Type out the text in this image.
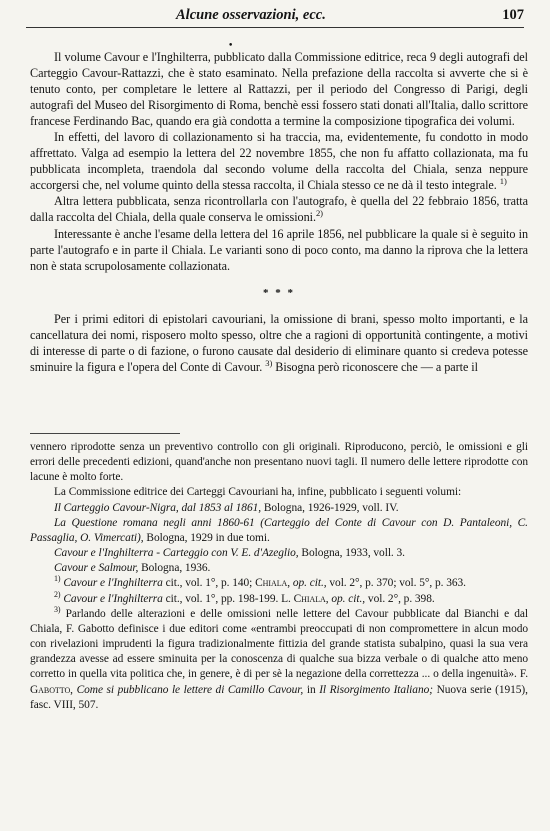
Alcune osservazioni, ecc.	107
•

Il volume Cavour e l'Inghilterra, pubblicato dalla Commissione editrice, reca 9 degli autografi del Carteggio Cavour-Rattazzi, che è stato esaminato. Nella prefazione della raccolta si avverte che si è tenuto conto, per completare le lettere al Rattazzi, per il periodo del Congresso di Parigi, degli autografi del Museo del Risorgimento di Roma, benchè essi fossero stati donati all'Italia, dallo scrittore francese Ferdinando Bac, quando era già condotta a termine la composizione tipografica dei volumi.

In effetti, del lavoro di collazionamento si ha traccia, ma, evidentemente, fu condotto in modo affrettato. Valga ad esempio la lettera del 22 novembre 1855, che non fu affatto collazionata, ma fu pubblicata incompleta, traendola dal secondo volume della raccolta del Chiala, senza neppure accorgersi che, nel volume quinto della stessa raccolta, il Chiala stesso ce ne dà il testo integrale. $^{1)}$

Altra lettera pubblicata, senza ricontrollarla con l'autografo, è quella del 22 febbraio 1856, tratta dalla raccolta del Chiala, della quale conserva le omissioni.$^{2)}$

Interessante è anche l'esame della lettera del 16 aprile 1856, nel pubblicare la quale si è seguito in parte l'autografo e in parte il Chiala. Le varianti sono di poco conto, ma danno la riprova che la lettera non è stata scrupolosamente collazionata.

* * *

Per i primi editori di epistolari cavouriani, la omissione di brani, spesso molto importanti, e la cancellatura dei nomi, risposero molto spesso, oltre che a ragioni di opportunità contingente, a motivi di interesse di parte o di fazione, o furono causate dal desiderio di eliminare quanto si credeva potesse sminuire la figura e l'opera del Conte di Cavour. $^{3)}$ Bisogna però riconoscere che — a parte il

vennero riprodotte senza un preventivo controllo con gli originali. Riproducono, perciò, le omissioni e gli errori delle precedenti edizioni, quand'anche non presentano nuovi tagli. Il numero delle lettere riprodotte con lacune è molto forte.

La Commissione editrice dei Carteggi Cavouriani ha, infine, pubblicato i seguenti volumi:

Il Carteggio Cavour-Nigra, dal 1853 al 1861, Bologna, 1926-1929, voll. IV.

La Questione romana negli anni 1860-61 (Carteggio del Conte di Cavour con D. Pantaleoni, C. Passaglia, O. Vimercati), Bologna, 1929 in due tomi.

Cavour e l'Inghilterra - Carteggio con V. E. d'Azeglio, Bologna, 1933, voll. 3.

Cavour e Salmour, Bologna, 1936.

$^{1)}$ Cavour e l'Inghilterra cit., vol. 1°, p. 140; Chiala, op. cit., vol. 2°, p. 370; vol. 5°, p. 363.

$^{2)}$ Cavour e l'Inghilterra cit., vol. 1°, pp. 198-199. L. Chiala, op. cit., vol. 2°, p. 398.

$^{3)}$ Parlando delle alterazioni e delle omissioni nelle lettere del Cavour pubblicate dal Bianchi e dal Chiala, F. Gabotto definisce i due editori come «entrambi preoccupati di non compromettere in alcun modo con rivelazioni imprudenti la figura tradizionalmente fittizia del grande statista subalpino, quasi la sua vera grandezza avesse ad essere sminuita per la conoscenza di qualche sua bizza verbale o di qualche atto meno corretto in quella vita politica che, in genere, è di per sè la negazione della correttezza ... o della ingenuità». F. Gabotto, Come si pubblicano le lettere di Camillo Cavour, in Il Risorgimento Italiano; Nuova serie (1915), fasc. VIII, 507.
